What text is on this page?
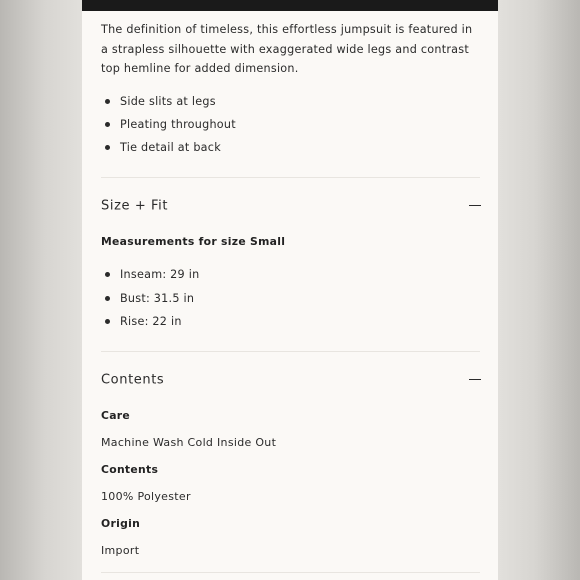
The definition of timeless, this effortless jumpsuit is featured in a strapless silhouette with exaggerated wide legs and contrast top hemline for added dimension.

Side slits at legs
Pleating throughout
Tie detail at back
Size + Fit
Measurements for size Small
Inseam: 29 in
Bust: 31.5 in
Rise: 22 in
Contents
Care
Machine Wash Cold Inside Out
Contents
100% Polyester
Origin
Import
